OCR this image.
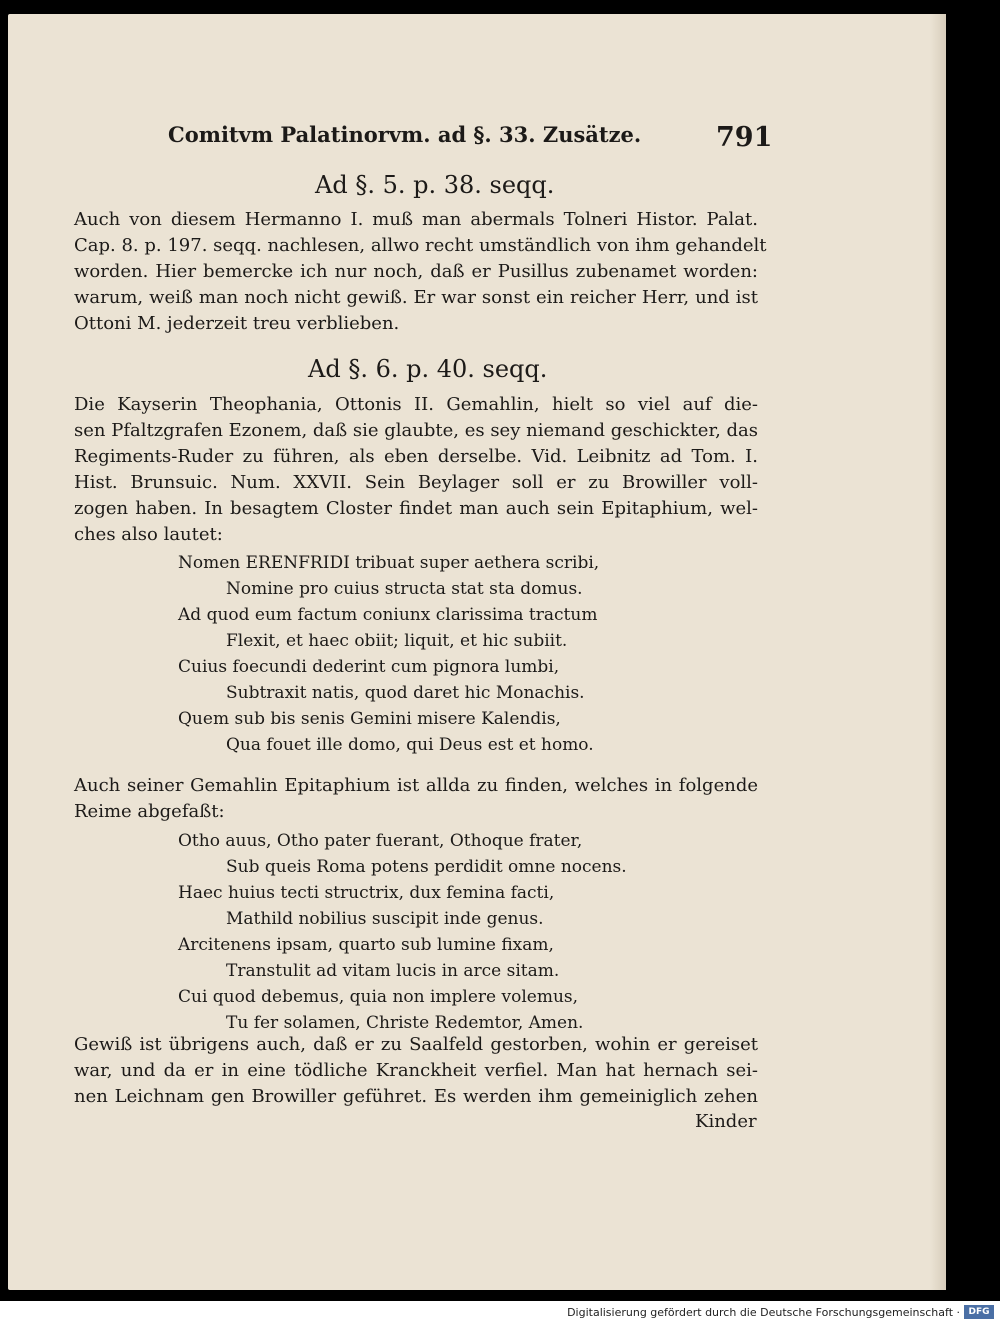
Comitvm Palatinorvm. ad §. 33. Zusätze.	791
Ad §. 5. p. 38. seqq.
Auch von diesem Hermanno I. muß man abermals Tolneri Histor. Palat.
Cap. 8. p. 197. seqq. nachlesen, allwo recht umständlich von ihm gehandelt
worden. Hier bemercke ich nur noch, daß er Pusillus zubenamet worden:
warum, weiß man noch nicht gewiß. Er war sonst ein reicher Herr, und ist
Ottoni M. jederzeit treu verblieben.
Ad §. 6. p. 40. seqq.
Die Kayserin Theophania, Ottonis II. Gemahlin, hielt so viel auf die-
sen Pfaltzgrafen Ezonem, daß sie glaubte, es sey niemand geschickter, das
Regiments-Ruder zu führen, als eben derselbe. Vid. Leibnitz ad Tom. I.
Hist. Brunsuic. Num. XXVII. Sein Beylager soll er zu Browiller voll-
zogen haben. In besagtem Closter findet man auch sein Epitaphium, wel-
ches also lautet:
Nomen ERENFRIDI tribuat super aethera scribi,
Nomine pro cuius structa stat sta domus.
Ad quod eum factum coniunx clarissima tractum
Flexit, et haec obiit; liquit, et hic subiit.
Cuius foecundi dederint cum pignora lumbi,
Subtraxit natis, quod daret hic Monachis.
Quem sub bis senis Gemini misere Kalendis,
Qua fouet ille domo, qui Deus est et homo.
Auch seiner Gemahlin Epitaphium ist allda zu finden, welches in folgende
Reime abgefaßt:
Otho auus, Otho pater fuerant, Othoque frater,
Sub queis Roma potens perdidit omne nocens.
Haec huius tecti structrix, dux femina facti,
Mathild nobilius suscipit inde genus.
Arcitenens ipsam, quarto sub lumine fixam,
Transtulit ad vitam lucis in arce sitam.
Cui quod debemus, quia non implere volemus,
Tu fer solamen, Christe Redemtor, Amen.
Gewiß ist übrigens auch, daß er zu Saalfeld gestorben, wohin er gereiset
war, und da er in eine tödliche Kranckheit verfiel. Man hat hernach sei-
nen Leichnam gen Browiller geführet. Es werden ihm gemeiniglich zehen
Kinder
Digitalisierung gefördert durch die Deutsche Forschungsgemeinschaft · DFG
